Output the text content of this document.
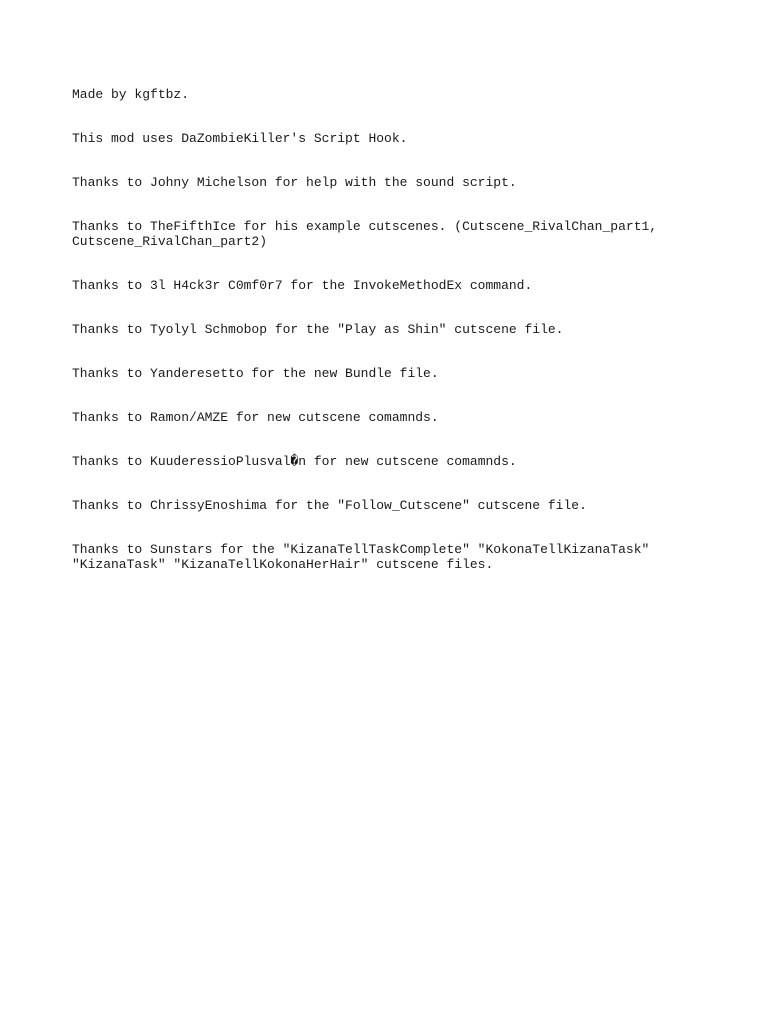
Made by kgftbz.

This mod uses DaZombieKiller's Script Hook.

Thanks to Johny Michelson for help with the sound script.

Thanks to TheFifthIce for his example cutscenes. (Cutscene_RivalChan_part1,
Cutscene_RivalChan_part2)

Thanks to 3l H4ck3r C0mf0r7 for the InvokeMethodEx command.

Thanks to Tyolyl Schmobop for the "Play as Shin" cutscene file.

Thanks to Yanderesetto for the new Bundle file.

Thanks to Ramon/AMZE for new cutscene comamnds.

Thanks to KuuderessioPlusval�n for new cutscene comamnds.

Thanks to ChrissyEnoshima for the "Follow_Cutscene" cutscene file.

Thanks to Sunstars for the "KizanaTellTaskComplete" "KokonaTellKizanaTask"
"KizanaTask" "KizanaTellKokonaHerHair" cutscene files.
